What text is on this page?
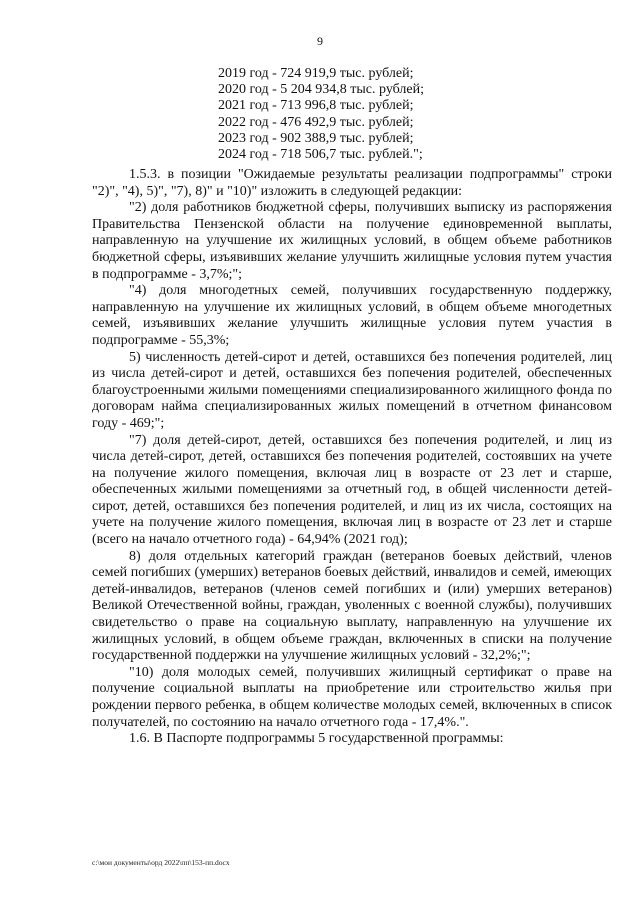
9
2019 год - 724 919,9 тыс. рублей;
2020 год - 5 204 934,8 тыс. рублей;
2021 год - 713 996,8 тыс. рублей;
2022 год - 476 492,9 тыс. рублей;
2023 год - 902 388,9 тыс. рублей;
2024 год - 718 506,7 тыс. рублей.";

1.5.3. в позиции "Ожидаемые результаты реализации подпрограммы" строки "2)", "4), 5)", "7), 8)" и "10)" изложить в следующей редакции:

"2) доля работников бюджетной сферы, получивших выписку из распоряжения Правительства Пензенской области на получение единовременной выплаты, направленную на улучшение их жилищных условий, в общем объеме работников бюджетной сферы, изъявивших желание улучшить жилищные условия путем участия в подпрограмме - 3,7%;";

"4) доля многодетных семей, получивших государственную поддержку, направленную на улучшение их жилищных условий, в общем объеме многодетных семей, изъявивших желание улучшить жилищные условия путем участия в подпрограмме - 55,3%;

5) численность детей-сирот и детей, оставшихся без попечения родителей, лиц из числа детей-сирот и детей, оставшихся без попечения родителей, обеспеченных благоустроенными жилыми помещениями специализированного жилищного фонда по договорам найма специализированных жилых помещений в отчетном финансовом году - 469;";

"7) доля детей-сирот, детей, оставшихся без попечения родителей, и лиц из числа детей-сирот, детей, оставшихся без попечения родителей, состоявших на учете на получение жилого помещения, включая лиц в возрасте от 23 лет и старше, обеспеченных жилыми помещениями за отчетный год, в общей численности детей-сирот, детей, оставшихся без попечения родителей, и лиц из их числа, состоящих на учете на получение жилого помещения, включая лиц в возрасте от 23 лет и старше (всего на начало отчетного года) - 64,94% (2021 год);

8) доля отдельных категорий граждан (ветеранов боевых действий, членов семей погибших (умерших) ветеранов боевых действий, инвалидов и семей, имеющих детей-инвалидов, ветеранов (членов семей погибших и (или) умерших ветеранов) Великой Отечественной войны, граждан, уволенных с военной службы), получивших свидетельство о праве на социальную выплату, направленную на улучшение их жилищных условий, в общем объеме граждан, включенных в списки на получение государственной поддержки на улучшение жилищных условий - 32,2%;";

"10) доля молодых семей, получивших жилищный сертификат о праве на получение социальной выплаты на приобретение или строительство жилья при рождении первого ребенка, в общем количестве молодых семей, включенных в список получателей, по состоянию на начало отчетного года - 17,4%.".

1.6. В Паспорте подпрограммы 5 государственной программы:

c:\мои документы\орд 2022\пп\153-пп.docx
